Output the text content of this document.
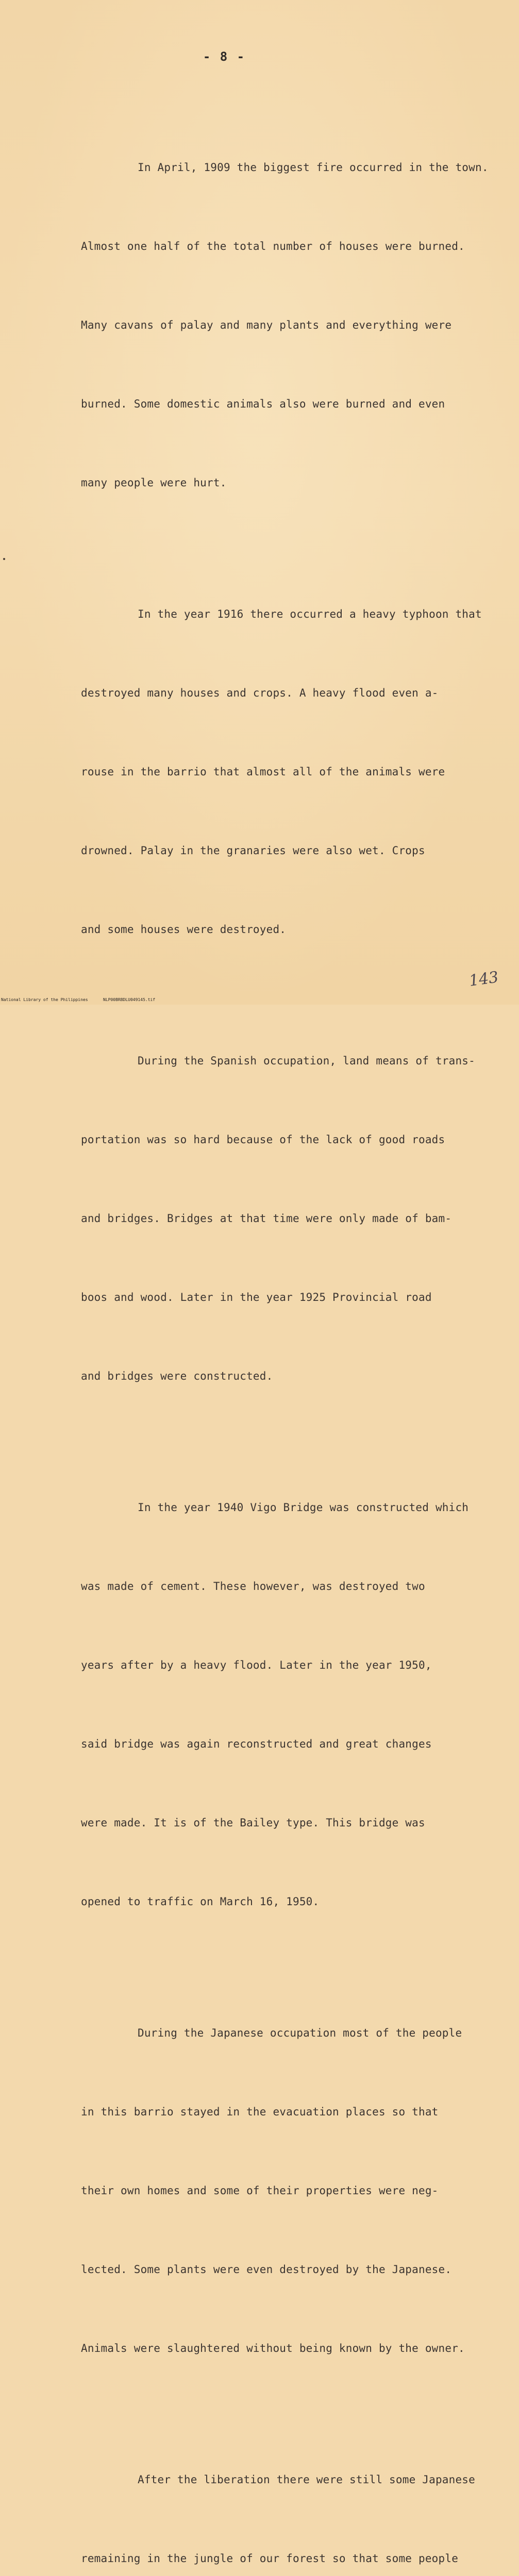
- 8 -

In April, 1909 the biggest fire occurred in the town.

Almost one half of the total number of houses were burned.

Many cavans of palay and many plants and everything were

burned. Some domestic animals also were burned and even

many people were hurt.

In the year 1916 there occurred a heavy typhoon that

destroyed many houses and crops. A heavy flood even a-

rouse in the barrio that almost all of the animals were

drowned. Palay in the granaries were also wet. Crops

and some houses were destroyed.

During the Spanish occupation, land means of trans-

portation was so hard because of the lack of good roads

and bridges. Bridges at that time were only made of bam-

boos and wood. Later in the year 1925 Provincial road

and bridges were constructed.

In the year 1940 Vigo Bridge was constructed which

was made of cement. These however, was destroyed two

years after by a heavy flood. Later in the year 1950,

said bridge was again reconstructed and great changes

were made. It is of the Bailey type. This bridge was

opened to traffic on March 16, 1950.

During the Japanese occupation most of the people

in this barrio stayed in the evacuation places so that

their own homes and some of their properties were neg-

lected. Some plants were even destroyed by the Japanese.

Animals were slaughtered without being known by the owner.

After the liberation there were still some Japanese

remaining in the jungle of our forest so that some people

143
National Library of the Philippines	NLP00BRBDLU049145.tif
